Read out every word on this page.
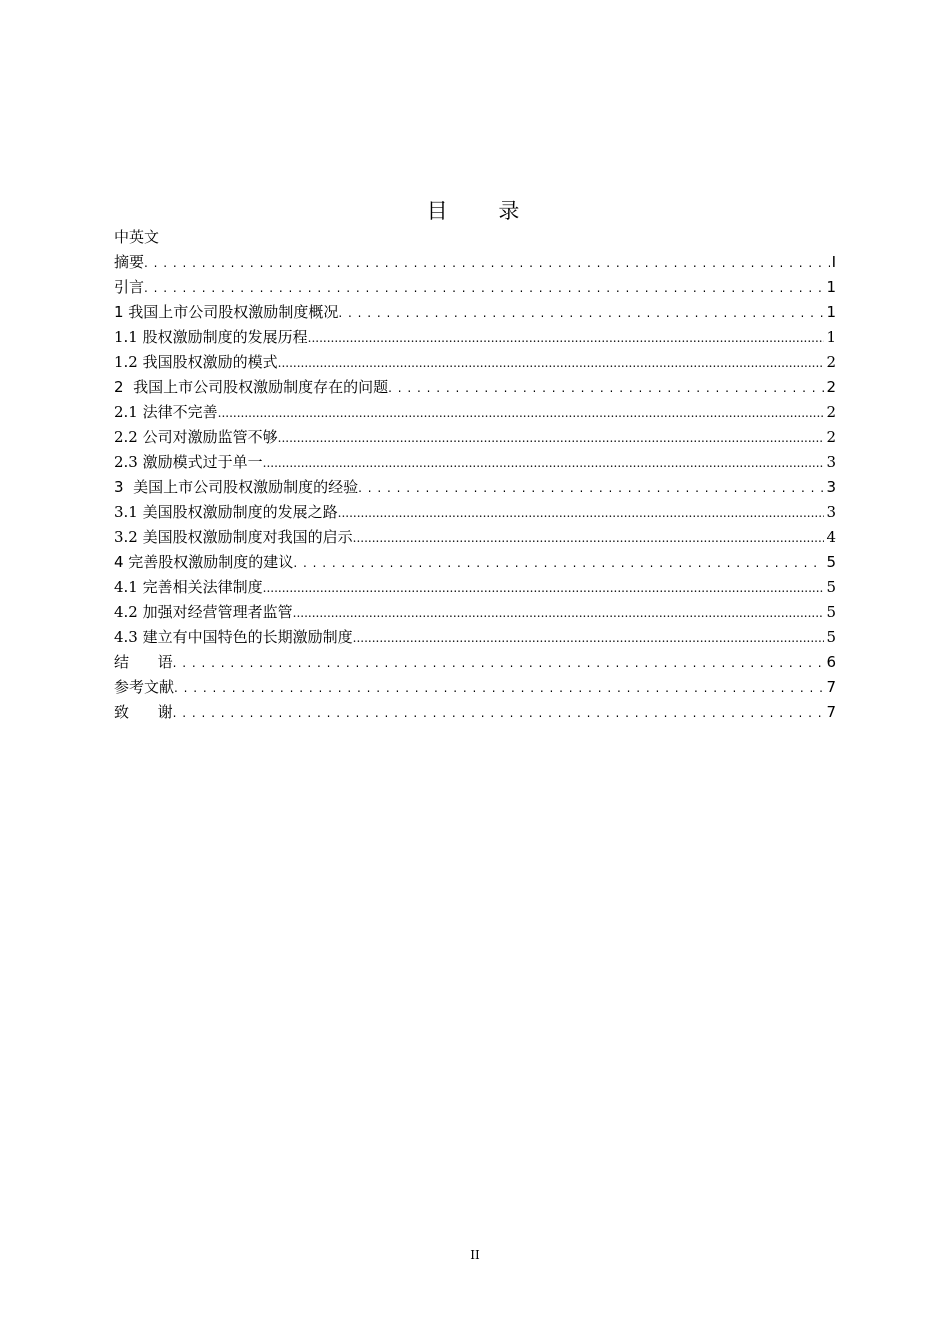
目 录
中英文
摘要 . . .	I
引言 . . .	1
1 我国上市公司股权激励制度概况 . . .	1
1.1 股权激励制度的发展历程 .....	1
1.2 我国股权激励的模式 .....	2
2  我国上市公司股权激励制度存在的问题 . . .	2
2.1 法律不完善 .....	2
2.2 公司对激励监管不够 .....	2
2.3 激励模式过于单一 .....	3
3  美国上市公司股权激励制度的经验 . . .	3
3.1 美国股权激励制度的发展之路 .....	3
3.2 美国股权激励制度对我国的启示 .....	4
4 完善股权激励制度的建议 . . .	5
4.1 完善相关法律制度 .....	5
4.2 加强对经营管理者监管 .....	5
4.3 建立有中国特色的长期激励制度 .....	5
结      语 . . .	6
参考文献 . . .	7
致      谢 . . .	7
II
